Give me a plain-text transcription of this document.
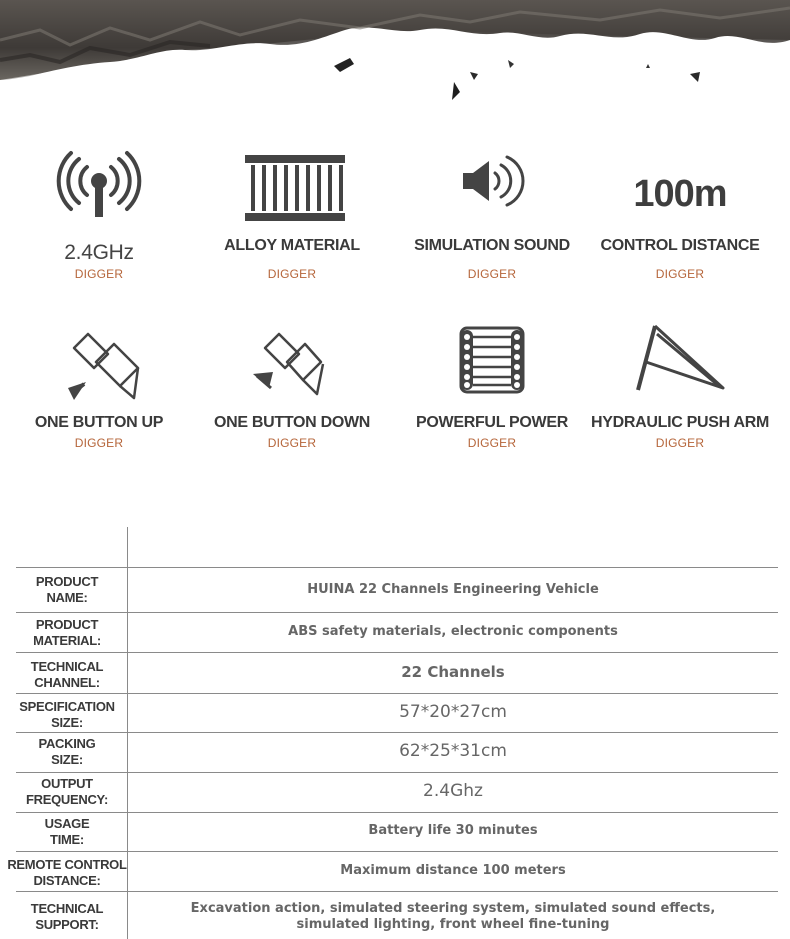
2.4GHz
DIGGER
ALLOY MATERIAL
DIGGER
SIMULATION SOUND
DIGGER
100m
CONTROL DISTANCE
DIGGER
ONE BUTTON UP
DIGGER
ONE BUTTON DOWN
DIGGER
POWERFUL POWER
DIGGER
HYDRAULIC PUSH ARM
DIGGER
PRODUCT
NAME:
HUINA 22 Channels Engineering Vehicle
PRODUCT
MATERIAL:
ABS safety materials, electronic components
TECHNICAL
CHANNEL:
22 Channels
SPECIFICATION
SIZE:
57*20*27cm
PACKING
SIZE:	62*25*31cm
OUTPUT
FREQUENCY:	2.4Ghz
USAGE
TIME:
Battery life 30 minutes
REMOTE CONTROL
DISTANCE:
Maximum distance 100 meters
TECHNICAL
SUPPORT:
Excavation action, simulated steering system, simulated sound effects,
simulated lighting, front wheel fine-tuning
